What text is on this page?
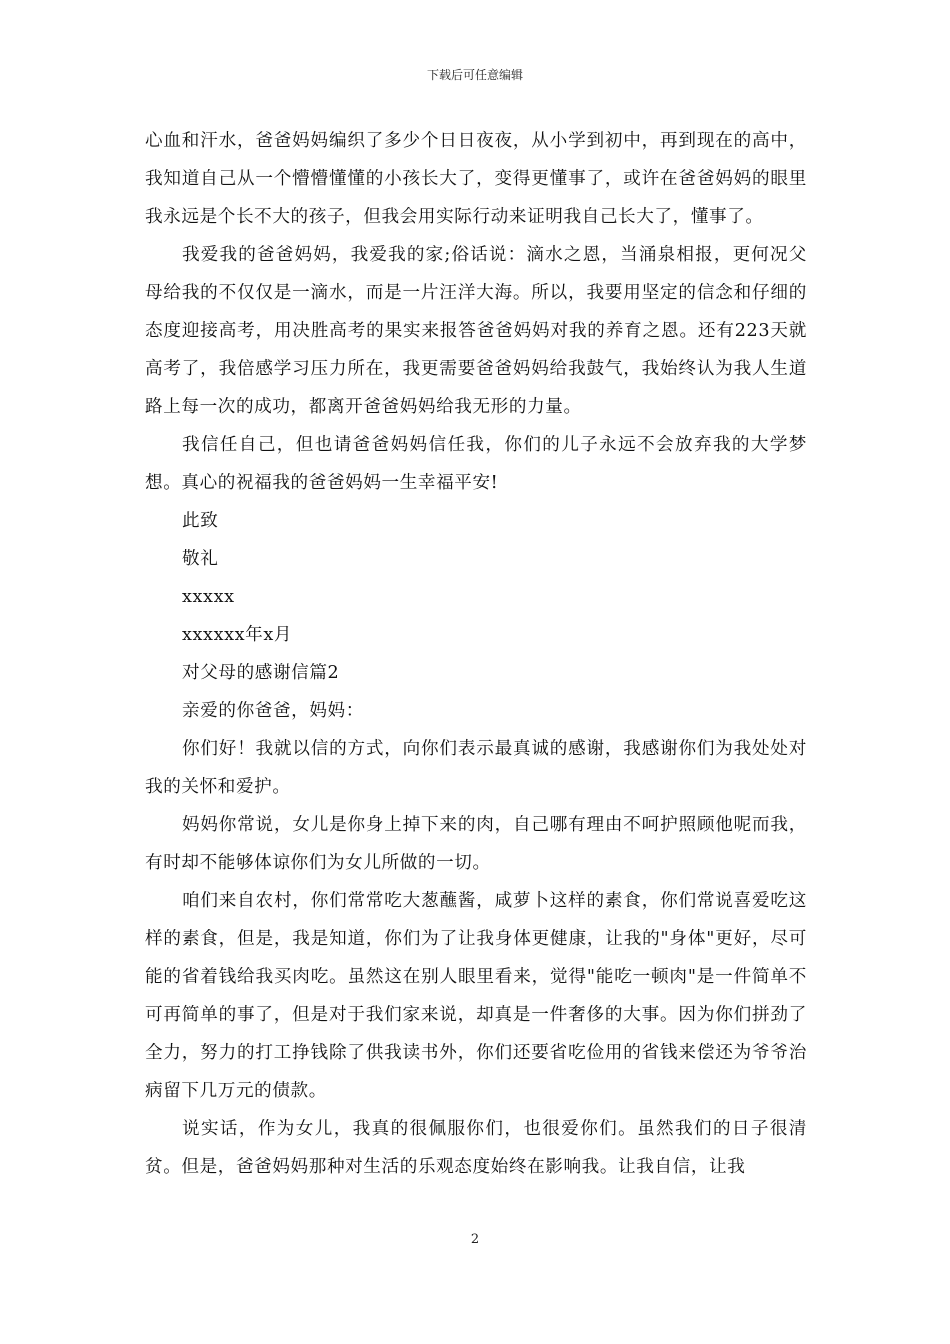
下载后可任意编辑

心血和汗水，爸爸妈妈编织了多少个日日夜夜，从小学到初中，再到现在的高中，我知道自己从一个懵懵懂懂的小孩长大了，变得更懂事了，或许在爸爸妈妈的眼里我永远是个长不大的孩子，但我会用实际行动来证明我自己长大了，懂事了。

我爱我的爸爸妈妈，我爱我的家;俗话说：滴水之恩，当涌泉相报，更何况父母给我的不仅仅是一滴水，而是一片汪洋大海。所以，我要用坚定的信念和仔细的态度迎接高考，用决胜高考的果实来报答爸爸妈妈对我的养育之恩。还有223天就高考了，我倍感学习压力所在，我更需要爸爸妈妈给我鼓气，我始终认为我人生道路上每一次的成功，都离开爸爸妈妈给我无形的力量。

我信任自己，但也请爸爸妈妈信任我，你们的儿子永远不会放弃我的大学梦想。真心的祝福我的爸爸妈妈一生幸福平安!

此致

敬礼

xxxxx

xxxxxx年x月

对父母的感谢信篇2

亲爱的你爸爸，妈妈：

你们好！我就以信的方式，向你们表示最真诚的感谢，我感谢你们为我处处对我的关怀和爱护。

妈妈你常说，女儿是你身上掉下来的肉，自己哪有理由不呵护照顾他呢而我，有时却不能够体谅你们为女儿所做的一切。

咱们来自农村，你们常常吃大葱蘸酱，咸萝卜这样的素食，你们常说喜爱吃这样的素食，但是，我是知道，你们为了让我身体更健康，让我的"身体"更好，尽可能的省着钱给我买肉吃。虽然这在别人眼里看来，觉得"能吃一顿肉"是一件简单不可再简单的事了，但是对于我们家来说，却真是一件奢侈的大事。因为你们拼劲了全力，努力的打工挣钱除了供我读书外，你们还要省吃俭用的省钱来偿还为爷爷治病留下几万元的债款。

说实话，作为女儿，我真的很佩服你们，也很爱你们。虽然我们的日子很清贫。但是，爸爸妈妈那种对生活的乐观态度始终在影响我。让我自信，让我

2
